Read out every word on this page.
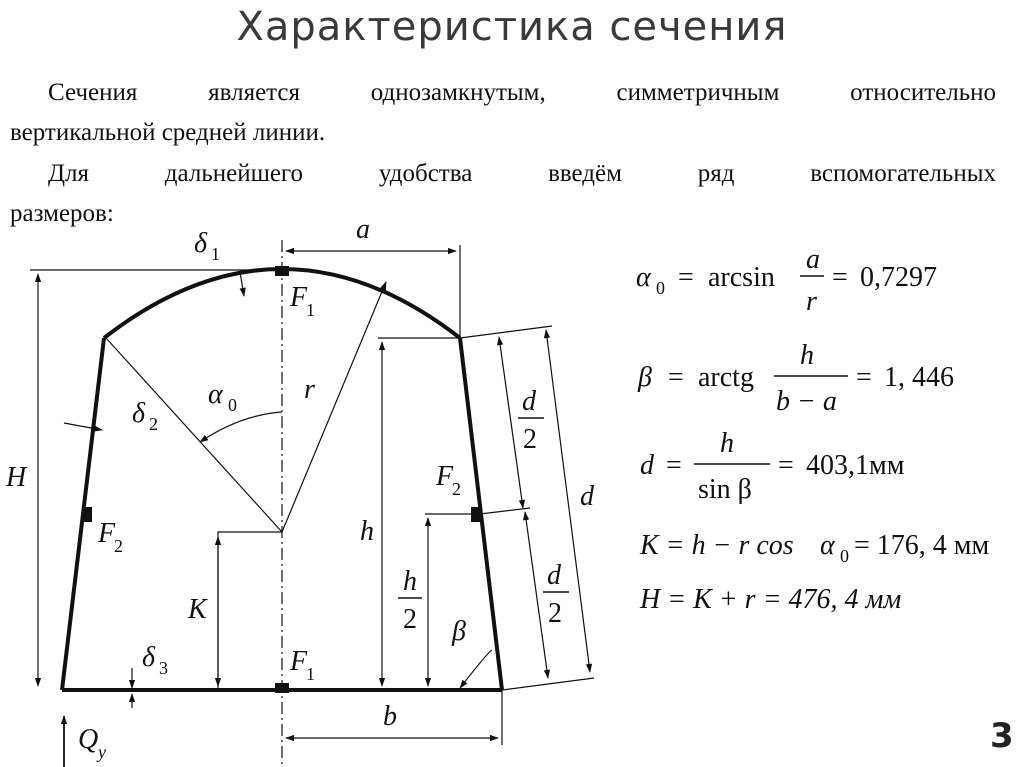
Характеристика сечения

Сечения является однозамкнутым, симметричным относительно

вертикальной средней линии.

Для дальнейшего удобства введём ряд вспомогательных

размеров:

a
b
H
h
K
r
d
δ 1
δ 2
δ 3
α 0
β
F
1
F
1
F
2
F
2
Q y
d
2
h
2
d
2
α 0 = arcsin
a
r
= 0,7297
β = arctg
h
b − a
= 1, 446
d =
h
sin β
= 403,1мм
K = h − r cos α 0 = 176, 4 мм
H = K + r = 476, 4 мм
3
